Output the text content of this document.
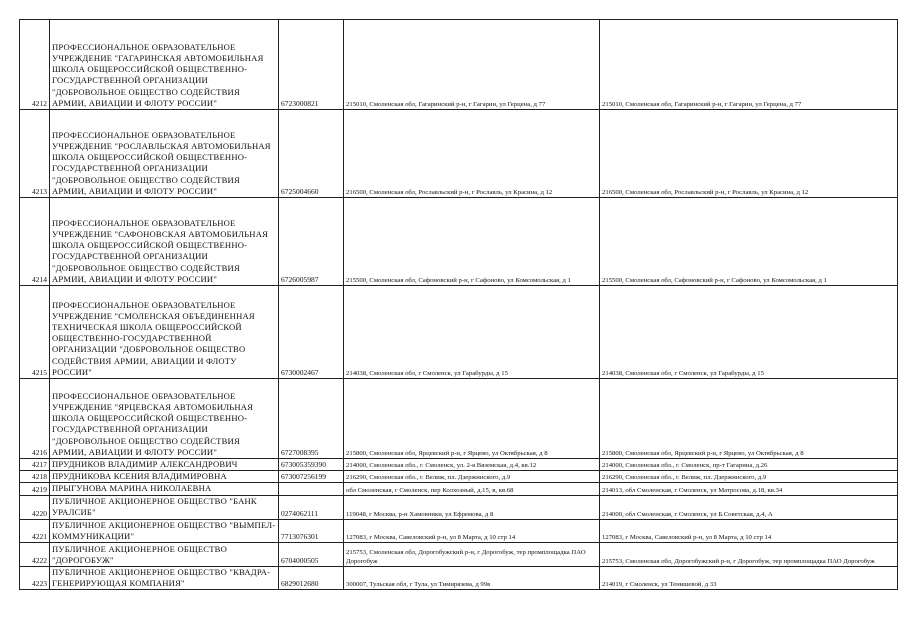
4212	ПРОФЕССИОНАЛЬНОЕ ОБРАЗОВАТЕЛЬНОЕ УЧРЕЖДЕНИЕ "ГАГАРИНСКАЯ АВТОМОБИЛЬНАЯ ШКОЛА ОБЩЕРОССИЙСКОЙ ОБЩЕСТВЕННО-ГОСУДАРСТВЕННОЙ ОРГАНИЗАЦИИ "ДОБРОВОЛЬНОЕ ОБЩЕСТВО СОДЕЙСТВИЯ АРМИИ, АВИАЦИИ И ФЛОТУ РОССИИ"	6723000821	215010, Смоленская обл, Гагаринский р-н, г Гагарин, ул Герцена, д 77	215010, Смоленская обл, Гагаринский р-н, г Гагарин, ул Герцена, д 77
4213	ПРОФЕССИОНАЛЬНОЕ ОБРАЗОВАТЕЛЬНОЕ УЧРЕЖДЕНИЕ "РОСЛАВЛЬСКАЯ АВТОМОБИЛЬНАЯ ШКОЛА ОБЩЕРОССИЙСКОЙ ОБЩЕСТВЕННО-ГОСУДАРСТВЕННОЙ ОРГАНИЗАЦИИ "ДОБРОВОЛЬНОЕ ОБЩЕСТВО СОДЕЙСТВИЯ АРМИИ, АВИАЦИИ И ФЛОТУ РОССИИ"	6725004660	216500, Смоленская обл, Рославльский р-н, г Рославль, ул Красина, д 12	216500, Смоленская обл, Рославльский р-н, г Рославль, ул Красина, д 12
4214	ПРОФЕССИОНАЛЬНОЕ ОБРАЗОВАТЕЛЬНОЕ УЧРЕЖДЕНИЕ "САФОНОВСКАЯ АВТОМОБИЛЬНАЯ ШКОЛА ОБЩЕРОССИЙСКОЙ ОБЩЕСТВЕННО-ГОСУДАРСТВЕННОЙ ОРГАНИЗАЦИИ "ДОБРОВОЛЬНОЕ ОБЩЕСТВО СОДЕЙСТВИЯ АРМИИ, АВИАЦИИ И ФЛОТУ РОССИИ"	6726005987	215500, Смоленская обл, Сафоновский р-н, г Сафоново, ул Комсомольская, д 1	215500, Смоленская обл, Сафоновский р-н, г Сафоново, ул Комсомольская, д 1
4215	ПРОФЕССИОНАЛЬНОЕ ОБРАЗОВАТЕЛЬНОЕ УЧРЕЖДЕНИЕ "СМОЛЕНСКАЯ ОБЪЕДИНЕННАЯ ТЕХНИЧЕСКАЯ ШКОЛА ОБЩЕРОССИЙСКОЙ ОБЩЕСТВЕННО-ГОСУДАРСТВЕННОЙ ОРГАНИЗАЦИИ "ДОБРОВОЛЬНОЕ ОБЩЕСТВО СОДЕЙСТВИЯ АРМИИ, АВИАЦИИ И ФЛОТУ РОССИИ"	6730002467	214038, Смоленская обл, г Смоленск, ул Гарабурды, д 15	214038, Смоленская обл, г Смоленск, ул Гарабурды, д 15
4216	ПРОФЕССИОНАЛЬНОЕ ОБРАЗОВАТЕЛЬНОЕ УЧРЕЖДЕНИЕ "ЯРЦЕВСКАЯ АВТОМОБИЛЬНАЯ ШКОЛА ОБЩЕРОССИЙСКОЙ ОБЩЕСТВЕННО-ГОСУДАРСТВЕННОЙ ОРГАНИЗАЦИИ "ДОБРОВОЛЬНОЕ ОБЩЕСТВО СОДЕЙСТВИЯ АРМИИ, АВИАЦИИ И ФЛОТУ РОССИИ"	6727008395	215800, Смоленская обл, Ярцевский р-н, г Ярцево, ул Октябрьская, д 8	215800, Смоленская обл, Ярцевский р-н, г Ярцево, ул Октябрьская, д 8
4217	ПРУДНИКОВ ВЛАДИМИР АЛЕКСАНДРОВИЧ	673005359390	214000, Смоленская обл., г. Смоленск, ул. 2-я Вяземская, д.4, кв.12	214000, Смоленская обл., г. Смоленск, пр-т Гагарина, д.26
4218	ПРУДНИКОВА КСЕНИЯ ВЛАДИМИРОВНА	673007256199	216290, Смоленская обл., г. Велиж, пл. Дзержинского, д.9	216290, Смоленская обл., г. Велиж, пл. Дзержинского, д.9
4219	ПРЫГУНОВА МАРИНА НИКОЛАЕВНА		обл Смоленская, г Смоленск, пер Колхозный, д.15, в, кв.68	214013, обл Смоленская, г Смоленск, ул Матросова, д.18, кв.34
4220	ПУБЛИЧНОЕ АКЦИОНЕРНОЕ ОБЩЕСТВО "БАНК УРАЛСИБ"	0274062111	119048, г Москва, р-н Хамовники, ул Ефремова, д 8	214000, обл Смоленская, г Смоленск, ул Б.Советская, д.4, А
4221	ПУБЛИЧНОЕ АКЦИОНЕРНОЕ ОБЩЕСТВО "ВЫМПЕЛ-КОММУНИКАЦИИ"	7713076301	127083, г Москва, Савеловский р-н, ул 8 Марта, д 10 стр 14	127083, г Москва, Савеловский р-н, ул 8 Марта, д 10 стр 14
4222	ПУБЛИЧНОЕ АКЦИОНЕРНОЕ ОБЩЕСТВО "ДОРОГОБУЖ"	6704000505	215753, Смоленская обл, Дорогобужский р-н, г Дорогобуж, тер промплощадка ПАО Дорогобуж	215753, Смоленская обл, Дорогобужский р-н, г Дорогобуж, тер промплощадка ПАО Дорогобуж
4223	ПУБЛИЧНОЕ АКЦИОНЕРНОЕ ОБЩЕСТВО "КВАДРА-ГЕНЕРИРУЮЩАЯ КОМПАНИЯ"	6829012680	300007, Тульская обл, г Тула, ул Тимирязева, д 99в	214019, г Смоленск, ул Тенишевой, д 33
